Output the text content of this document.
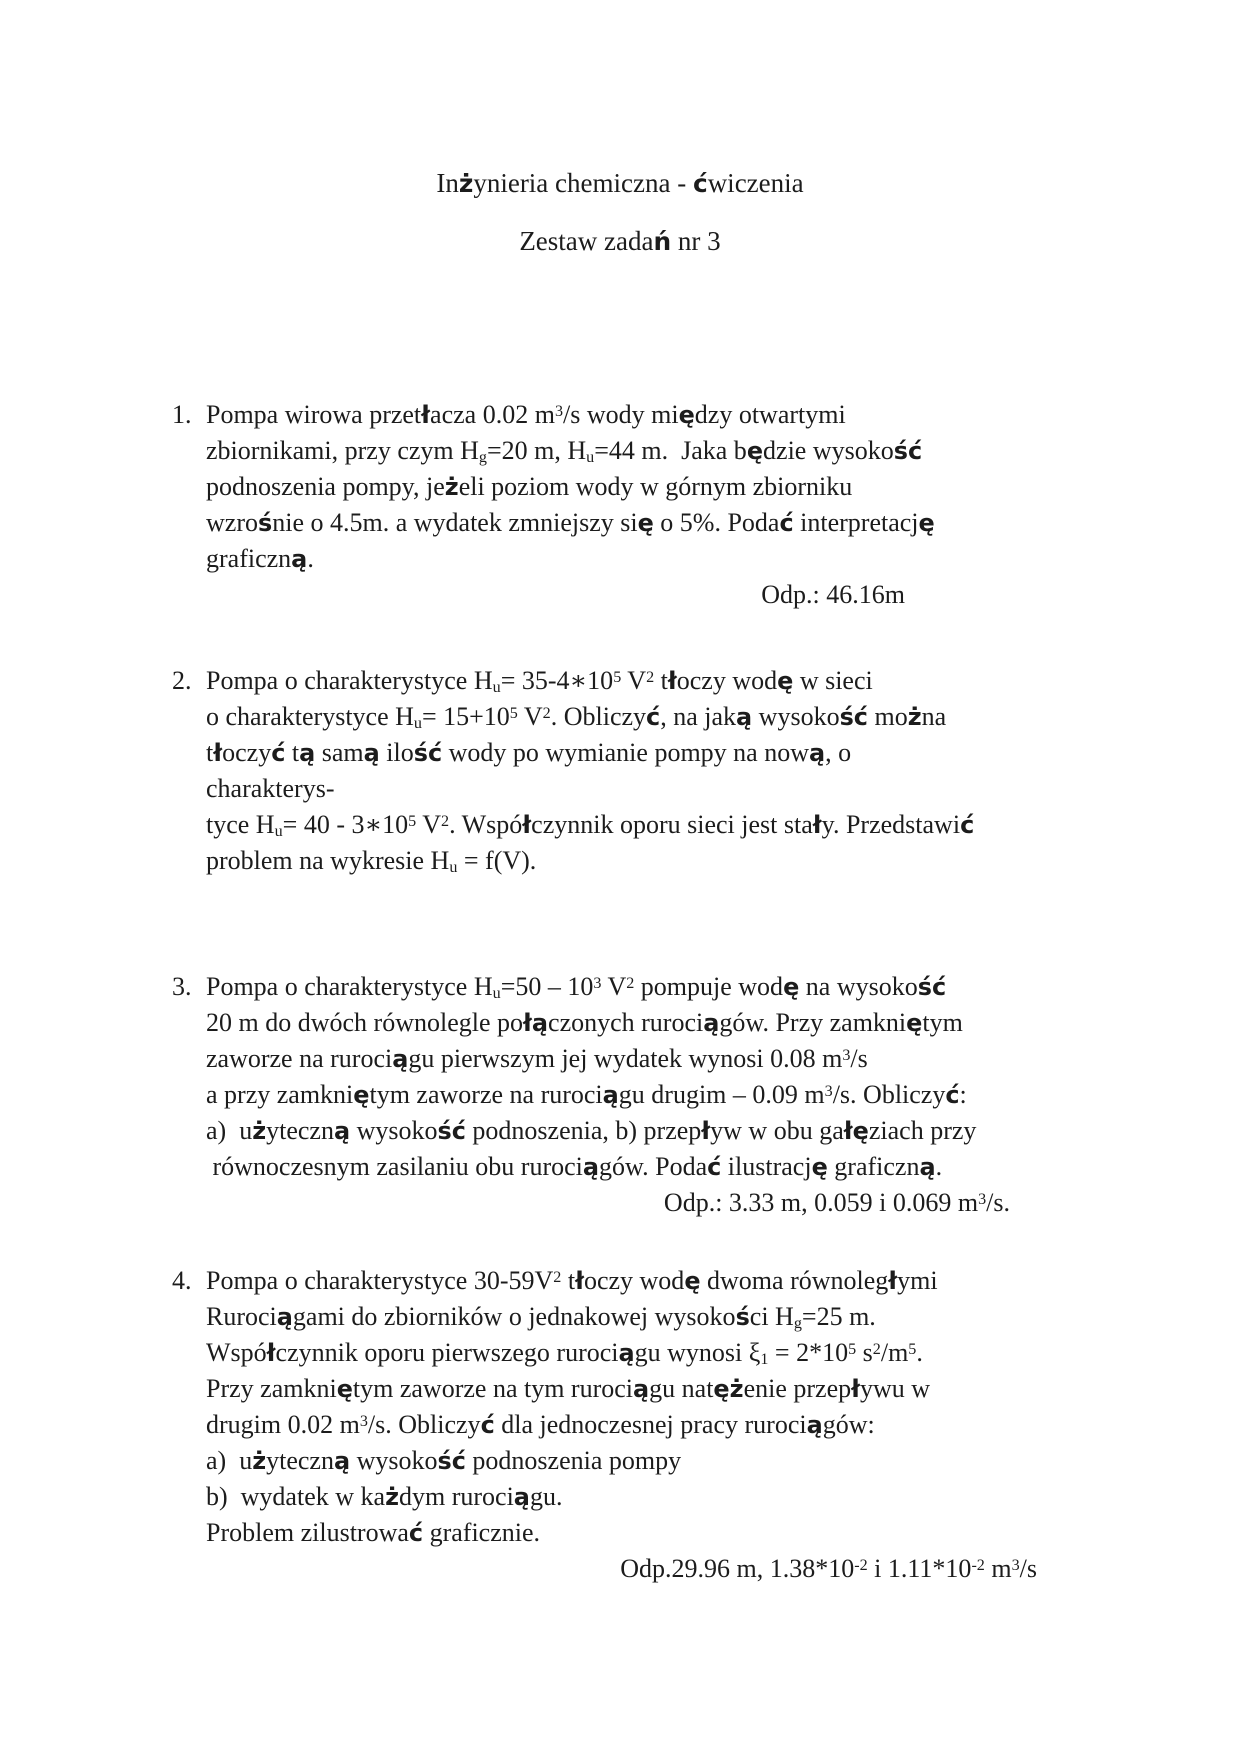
Inżynieria chemiczna - ćwiczenia
Zestaw zadań nr 3
1. Pompa wirowa przetłacza 0.02 $m^3/s$ wody między otwartymi
zbiornikami, przy czym $H_g=20$ m, $H_u=44$ m.  Jaka będzie wysokość
podnoszenia pompy, jeżeli poziom wody w górnym zbiorniku
wzrośnie o 4.5m. a wydatek zmniejszy się o 5%. Podać interpretację
graficzną.
Odp.: 46.16m
2. Pompa o charakterystyce $H_u=$ $35-4∗10^5$ $V^2$ tłoczy wodę w sieci
o charakterystyce $H_u= 15+10^5$ $V^2$. Obliczyć, na jaką wysokość można
tłoczyć tą samą ilość wody po wymianie pompy na nową, o
charakterys-
tyce $H_u= 40$ - $3∗10^5$ $V^2$. Współczynnik oporu sieci jest stały. Przedstawić
problem na wykresie $H_u = f(V)$.
3. Pompa o charakterystyce $H_u=50 - 10^3$ $V^2$ pompuje wodę na wysokość
20 m do dwóch równolegle połączonych rurociągów. Przy zamkniętym
zaworze na rurociągu pierwszym jej wydatek wynosi 0.08 $m^3/s$
a przy zamkniętym zaworze na rurociągu drugim – 0.09 $m^3/s$. Obliczyć:
a)  użyteczną wysokość podnoszenia, b) przepływ w obu gałęziach przy
równoczesnym zasilaniu obu rurociągów. Podać ilustrację graficzną.
Odp.: 3.33 m, 0.059 i 0.069 $m^3/s$.
4. Pompa o charakterystyce $30-59V^2$ tłoczy wodę dwoma równoległymi
Rurociągami do zbiorników o jednakowej wysokości $H_g=25$ m.
Współczynnik oporu pierwszego rurociągu wynosi $\xi_1 = 2*10^5$ $s^2/m^5$.
Przy zamkniętym zaworze na tym rurociągu natężenie przepływu w
drugim 0.02 $m^3/s$. Obliczyć dla jednoczesnej pracy rurociągów:
a)  użyteczną wysokość podnoszenia pompy
b)  wydatek w każdym rurociągu.
Problem zilustrować graficznie.
Odp.29.96 m, $1.38*10^{-2}$ i $1.11*10^{-2}$ $m^3/s$
